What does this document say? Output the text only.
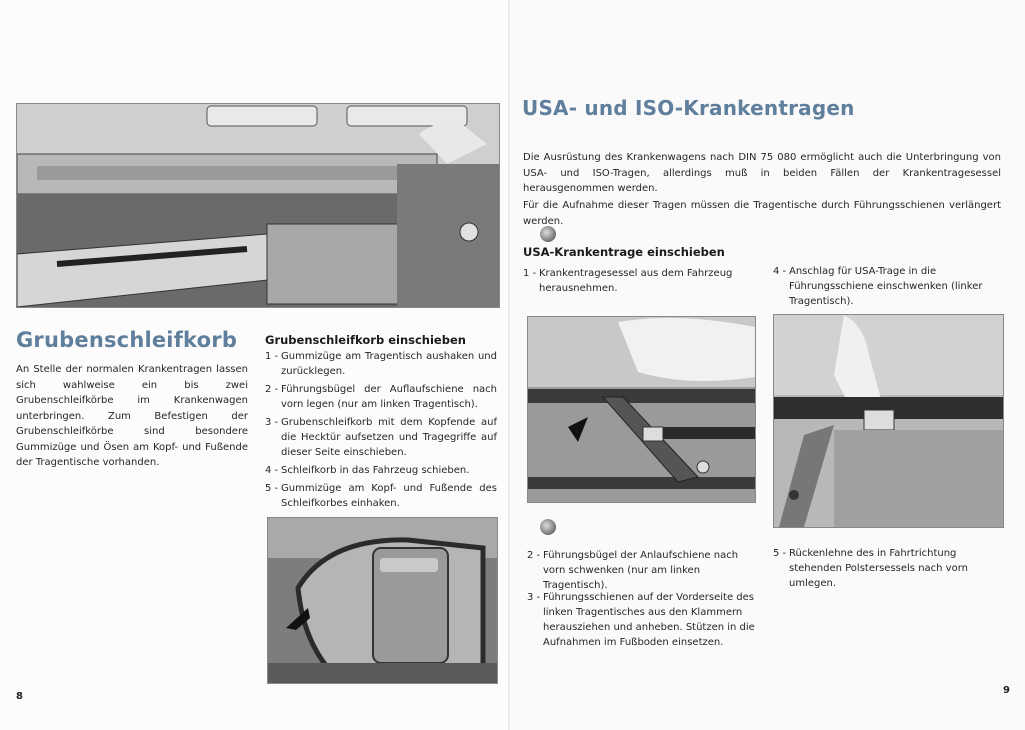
Grubenschleifkorb
An Stelle der normalen Krankentragen lassen sich wahlweise ein bis zwei Grubenschleifkörbe im Krankenwagen unterbringen. Zum Befestigen der Grubenschleifkörbe sind besondere Gummizüge und Ösen am Kopf- und Fußende der Tragentische vorhanden.
Grubenschleifkorb einschieben
1 - Gummizüge am Tragentisch aushaken und zurücklegen.
2 - Führungsbügel der Auflaufschiene nach vorn legen (nur am linken Tragentisch).
3 - Grubenschleifkorb mit dem Kopfende auf die Hecktür aufsetzen und Tragegriffe auf dieser Seite einschieben.
4 - Schleifkorb in das Fahrzeug schieben.
5 - Gummizüge am Kopf- und Fußende des Schleifkorbes einhaken.
8
USA- und ISO-Krankentragen
Die Ausrüstung des Krankenwagens nach DIN 75 080 ermöglicht auch die Unterbringung von USA- und ISO-Tragen, allerdings muß in beiden Fällen der Krankentragesessel herausgenommen werden.
Für die Aufnahme dieser Tragen müssen die Tragentische durch Führungsschienen verlängert werden.
USA-Krankentrage einschieben
1 - Krankentragesessel aus dem Fahrzeug herausnehmen.
4 - Anschlag für USA-Trage in die Führungsschiene einschwenken (linker Tragentisch).
2 - Führungsbügel der Anlaufschiene nach vorn schwenken (nur am linken Tragentisch).
5 - Rückenlehne des in Fahrtrichtung stehenden Polstersessels nach vorn umlegen.
3 - Führungsschienen auf der Vorderseite des linken Tragentisches aus den Klammern herausziehen und anheben. Stützen in die Aufnahmen im Fußboden einsetzen.
9
